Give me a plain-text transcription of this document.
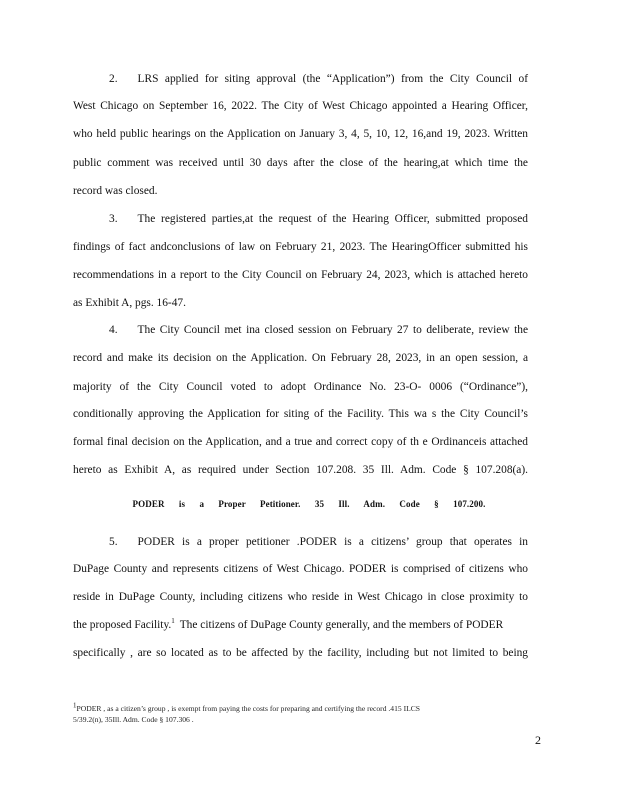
2. LRS applied for siting approval (the “Application”) from the City Council of
West Chicago on September 16, 2022. The City of West Chicago appointed a Hearing Officer,
who held public hearings on the Application on January 3, 4, 5, 10, 12, 16,and 19, 2023. Written
public comment was received until 30 days after the close of the hearing,at which time the
record was closed.
3. The registered parties,at the request of the Hearing Officer, submitted proposed
findings of fact andconclusions of law on February 21, 2023. The HearingOfficer submitted his
recommendations in a report to the City Council on February 24, 2023, which is attached hereto
as Exhibit A, pgs. 16-47.
4. The City Council met ina closed session on February 27 to deliberate, review the
record and make its decision on the Application. On February 28, 2023, in an open session, a
majority of the City Council voted to adopt Ordinance No. 23-O- 0006 (“Ordinance”),
conditionally approving the Application for siting of the Facility. This wa s the City Council’s
formal final decision on the Application, and a true and correct copy of th e Ordinanceis attached
hereto as Exhibit A, as required under Section 107.208. 35 Ill. Adm. Code § 107.208(a).
PODER is a Proper Petitioner. 35 Ill. Adm. Code § 107.200.
5. PODER is a proper petitioner .PODER is a citizens’ group that operates in
DuPage County and represents citizens of West Chicago. PODER is comprised of citizens who
reside in DuPage County, including citizens who reside in West Chicago in close proximity to
the proposed Facility.$^1$ The citizens of DuPage County generally, and the members of PODER
specifically , are so located as to be affected by the facility, including but not limited to being
$^1$PODER , as a citizen’s group , is exempt from paying the costs for preparing and certifying the record .415 ILCS
5/39.2(n), 35Ill. Adm. Code § 107.306 .
2
